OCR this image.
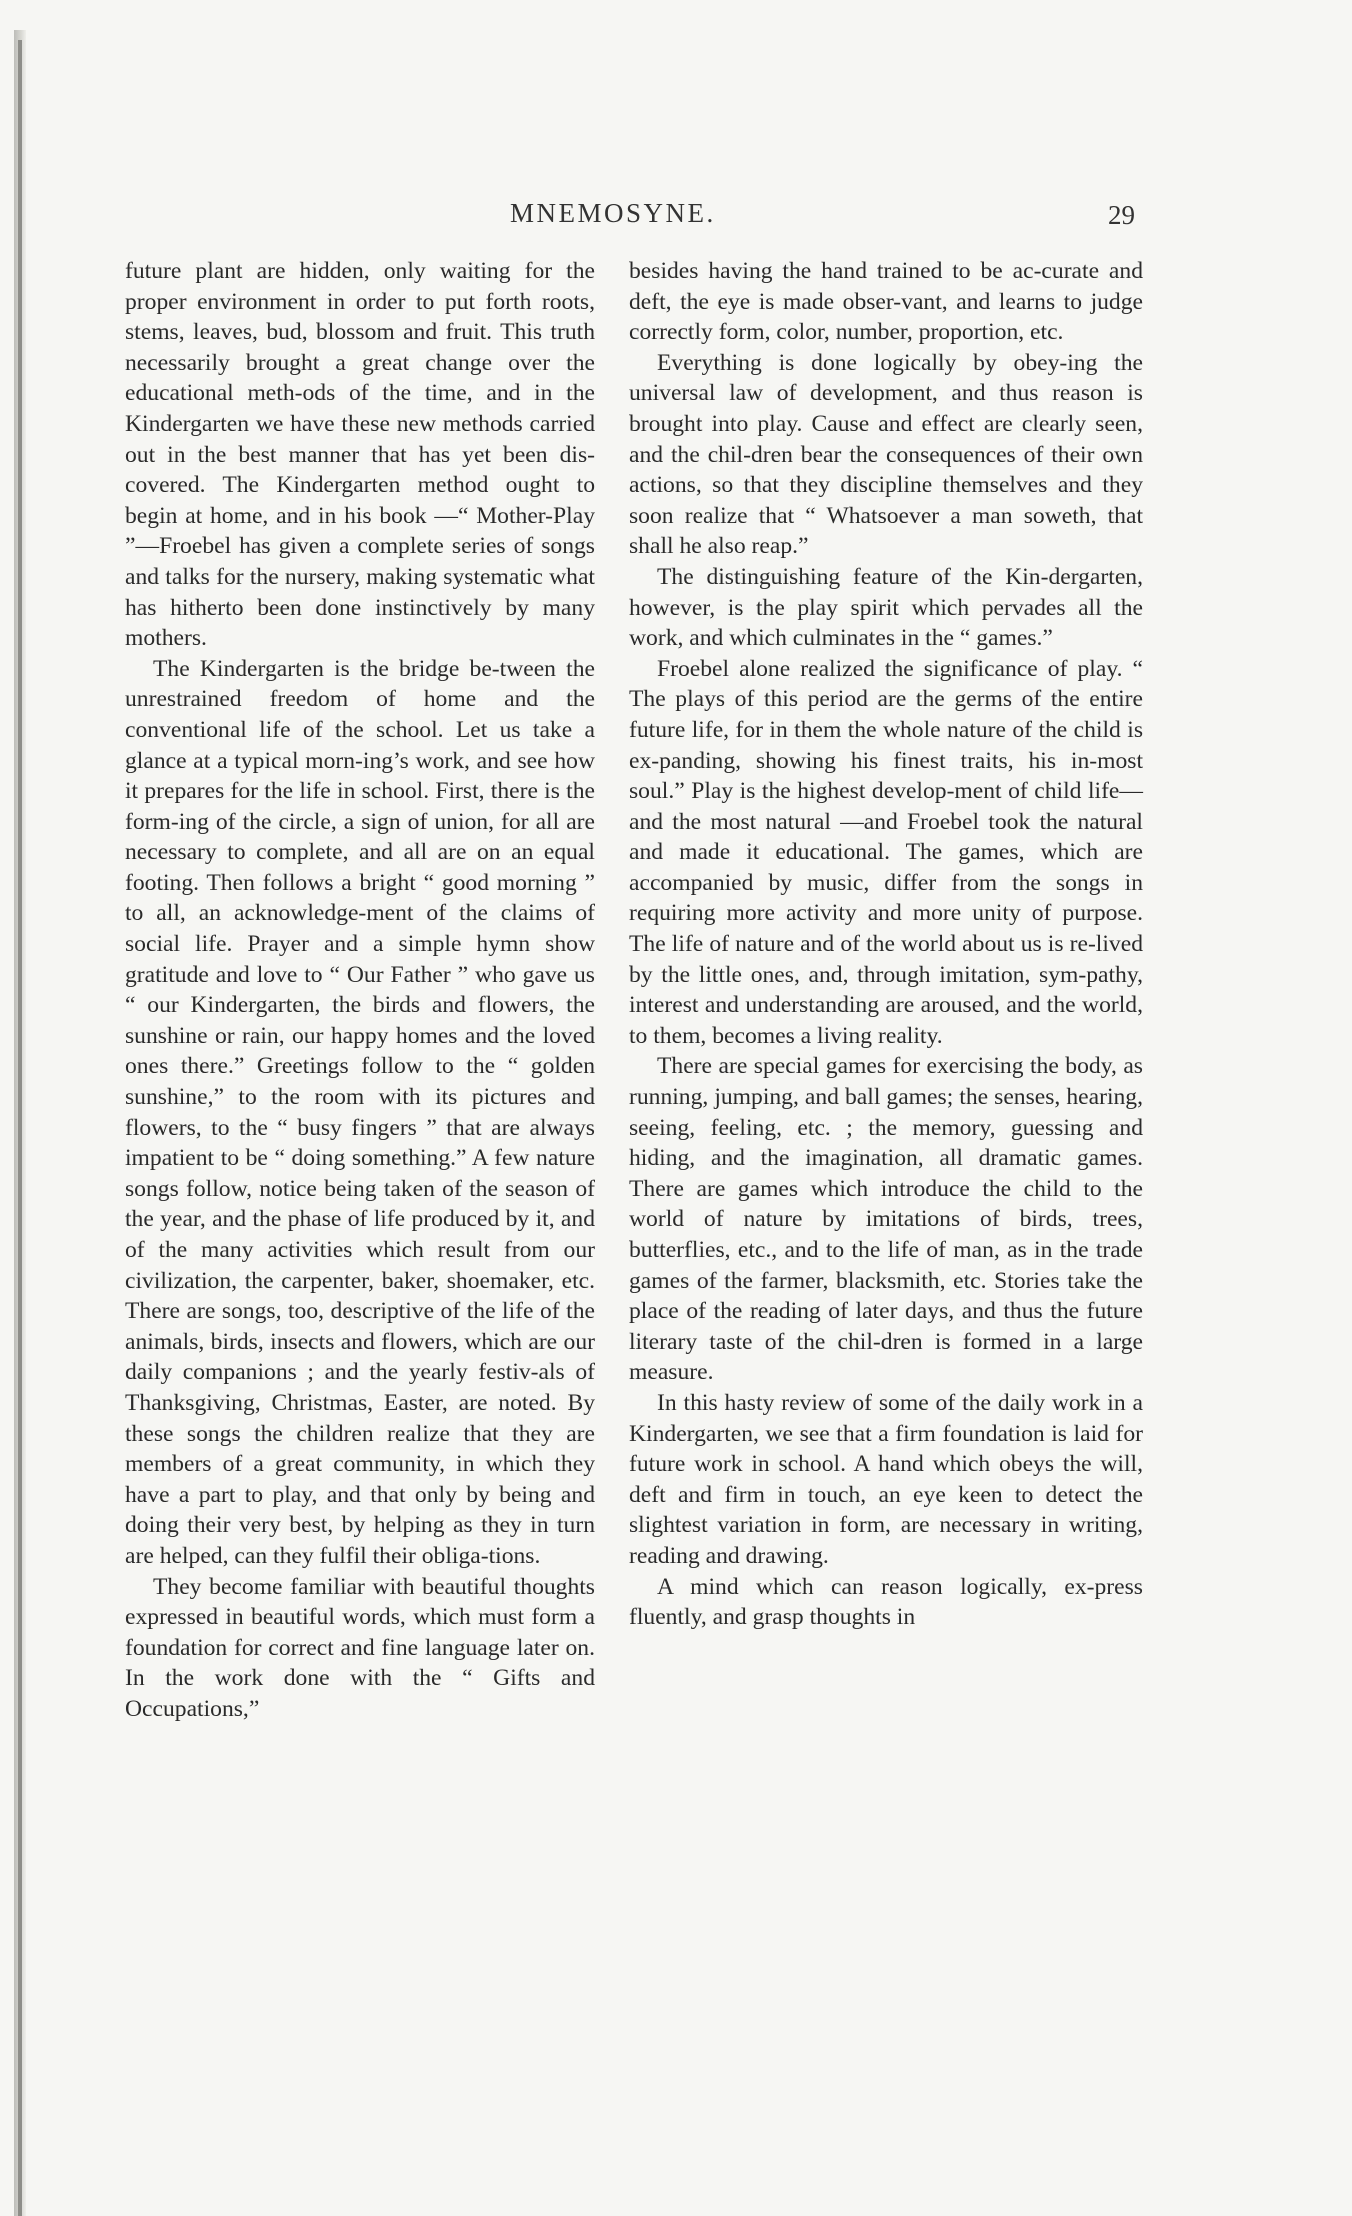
MNEMOSYNE.	29

future plant are hidden, only waiting for the proper environment in order to put forth roots, stems, leaves, bud, blossom and fruit. This truth necessarily brought a great change over the educational meth-ods of the time, and in the Kindergarten we have these new methods carried out in the best manner that has yet been dis-covered. The Kindergarten method ought to begin at home, and in his book —“ Mother-Play ”—Froebel has given a complete series of songs and talks for the nursery, making systematic what has hitherto been done instinctively by many mothers.

The Kindergarten is the bridge be-tween the unrestrained freedom of home and the conventional life of the school. Let us take a glance at a typical morn-ing’s work, and see how it prepares for the life in school. First, there is the form-ing of the circle, a sign of union, for all are necessary to complete, and all are on an equal footing. Then follows a bright “ good morning ” to all, an acknowledge-ment of the claims of social life. Prayer and a simple hymn show gratitude and love to “ Our Father ” who gave us “ our Kindergarten, the birds and flowers, the sunshine or rain, our happy homes and the loved ones there.” Greetings follow to the “ golden sunshine,” to the room with its pictures and flowers, to the “ busy fingers ” that are always impatient to be “ doing something.” A few nature songs follow, notice being taken of the season of the year, and the phase of life produced by it, and of the many activities which result from our civilization, the carpenter, baker, shoemaker, etc. There are songs, too, descriptive of the life of the animals, birds, insects and flowers, which are our daily companions ; and the yearly festiv-als of Thanksgiving, Christmas, Easter, are noted. By these songs the children realize that they are members of a great community, in which they have a part to play, and that only by being and doing their very best, by helping as they in turn are helped, can they fulfil their obliga-tions.

They become familiar with beautiful thoughts expressed in beautiful words, which must form a foundation for correct and fine language later on. In the work done with the “ Gifts and Occupations,”

besides having the hand trained to be ac-curate and deft, the eye is made obser-vant, and learns to judge correctly form, color, number, proportion, etc.

Everything is done logically by obey-ing the universal law of development, and thus reason is brought into play. Cause and effect are clearly seen, and the chil-dren bear the consequences of their own actions, so that they discipline themselves and they soon realize that “ Whatsoever a man soweth, that shall he also reap.”

The distinguishing feature of the Kin-dergarten, however, is the play spirit which pervades all the work, and which culminates in the “ games.”

Froebel alone realized the significance of play. “ The plays of this period are the germs of the entire future life, for in them the whole nature of the child is ex-panding, showing his finest traits, his in-most soul.” Play is the highest develop-ment of child life—and the most natural —and Froebel took the natural and made it educational. The games, which are accompanied by music, differ from the songs in requiring more activity and more unity of purpose. The life of nature and of the world about us is re-lived by the little ones, and, through imitation, sym-pathy, interest and understanding are aroused, and the world, to them, becomes a living reality.

There are special games for exercising the body, as running, jumping, and ball games; the senses, hearing, seeing, feeling, etc. ; the memory, guessing and hiding, and the imagination, all dramatic games. There are games which introduce the child to the world of nature by imitations of birds, trees, butterflies, etc., and to the life of man, as in the trade games of the farmer, blacksmith, etc. Stories take the place of the reading of later days, and thus the future literary taste of the chil-dren is formed in a large measure.

In this hasty review of some of the daily work in a Kindergarten, we see that a firm foundation is laid for future work in school. A hand which obeys the will, deft and firm in touch, an eye keen to detect the slightest variation in form, are necessary in writing, reading and drawing.

A mind which can reason logically, ex-press fluently, and grasp thoughts in
